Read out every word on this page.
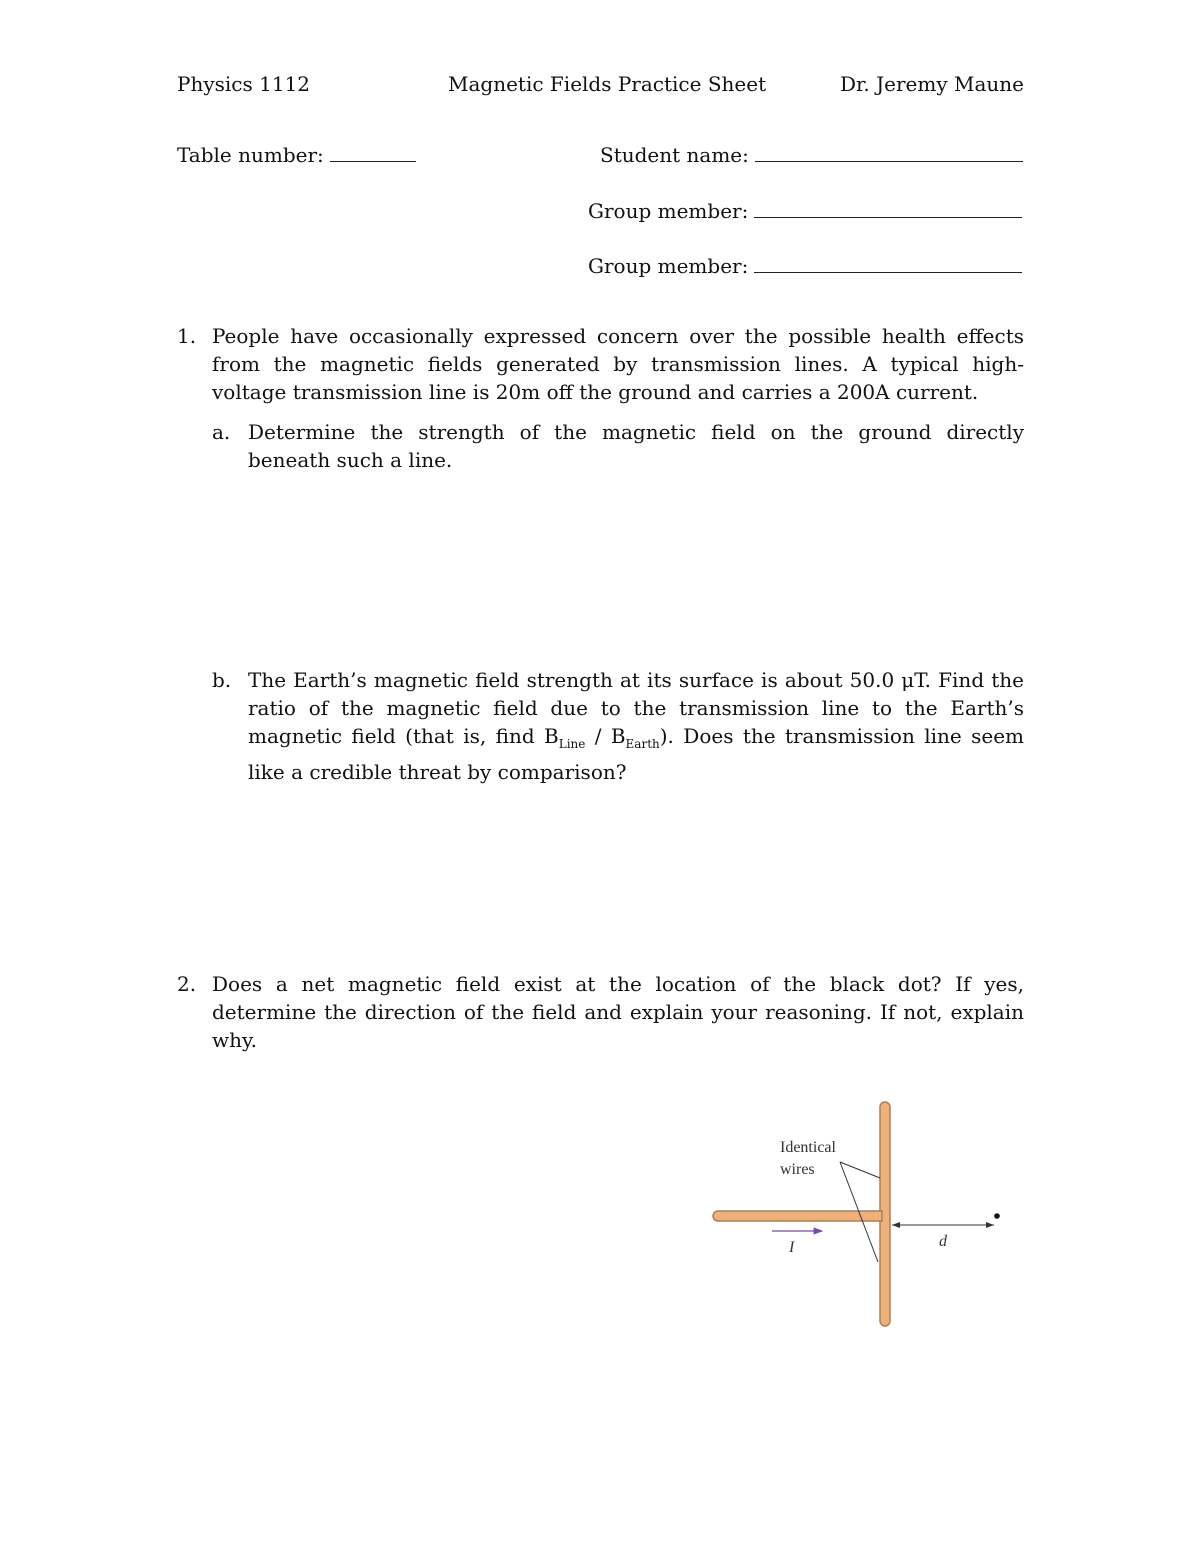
Physics 1112	Magnetic Fields Practice Sheet	Dr. Jeremy Maune
Table number:	Student name:
Group member:
Group member:
1. People have occasionally expressed concern over the possible health effects from the magnetic fields generated by transmission lines. A typical high-voltage transmission line is 20m off the ground and carries a 200A current.
a. Determine the strength of the magnetic field on the ground directly beneath such a line.
b. The Earth’s magnetic field strength at its surface is about 50.0 μT. Find the ratio of the magnetic field due to the transmission line to the Earth’s magnetic field (that is, find $B_{Line} / B_{Earth}$). Does the transmission line seem like a credible threat by comparison?
2. Does a net magnetic field exist at the location of the black dot? If yes, determine the direction of the field and explain your reasoning. If not, explain why.
Identical
wires
I	d
